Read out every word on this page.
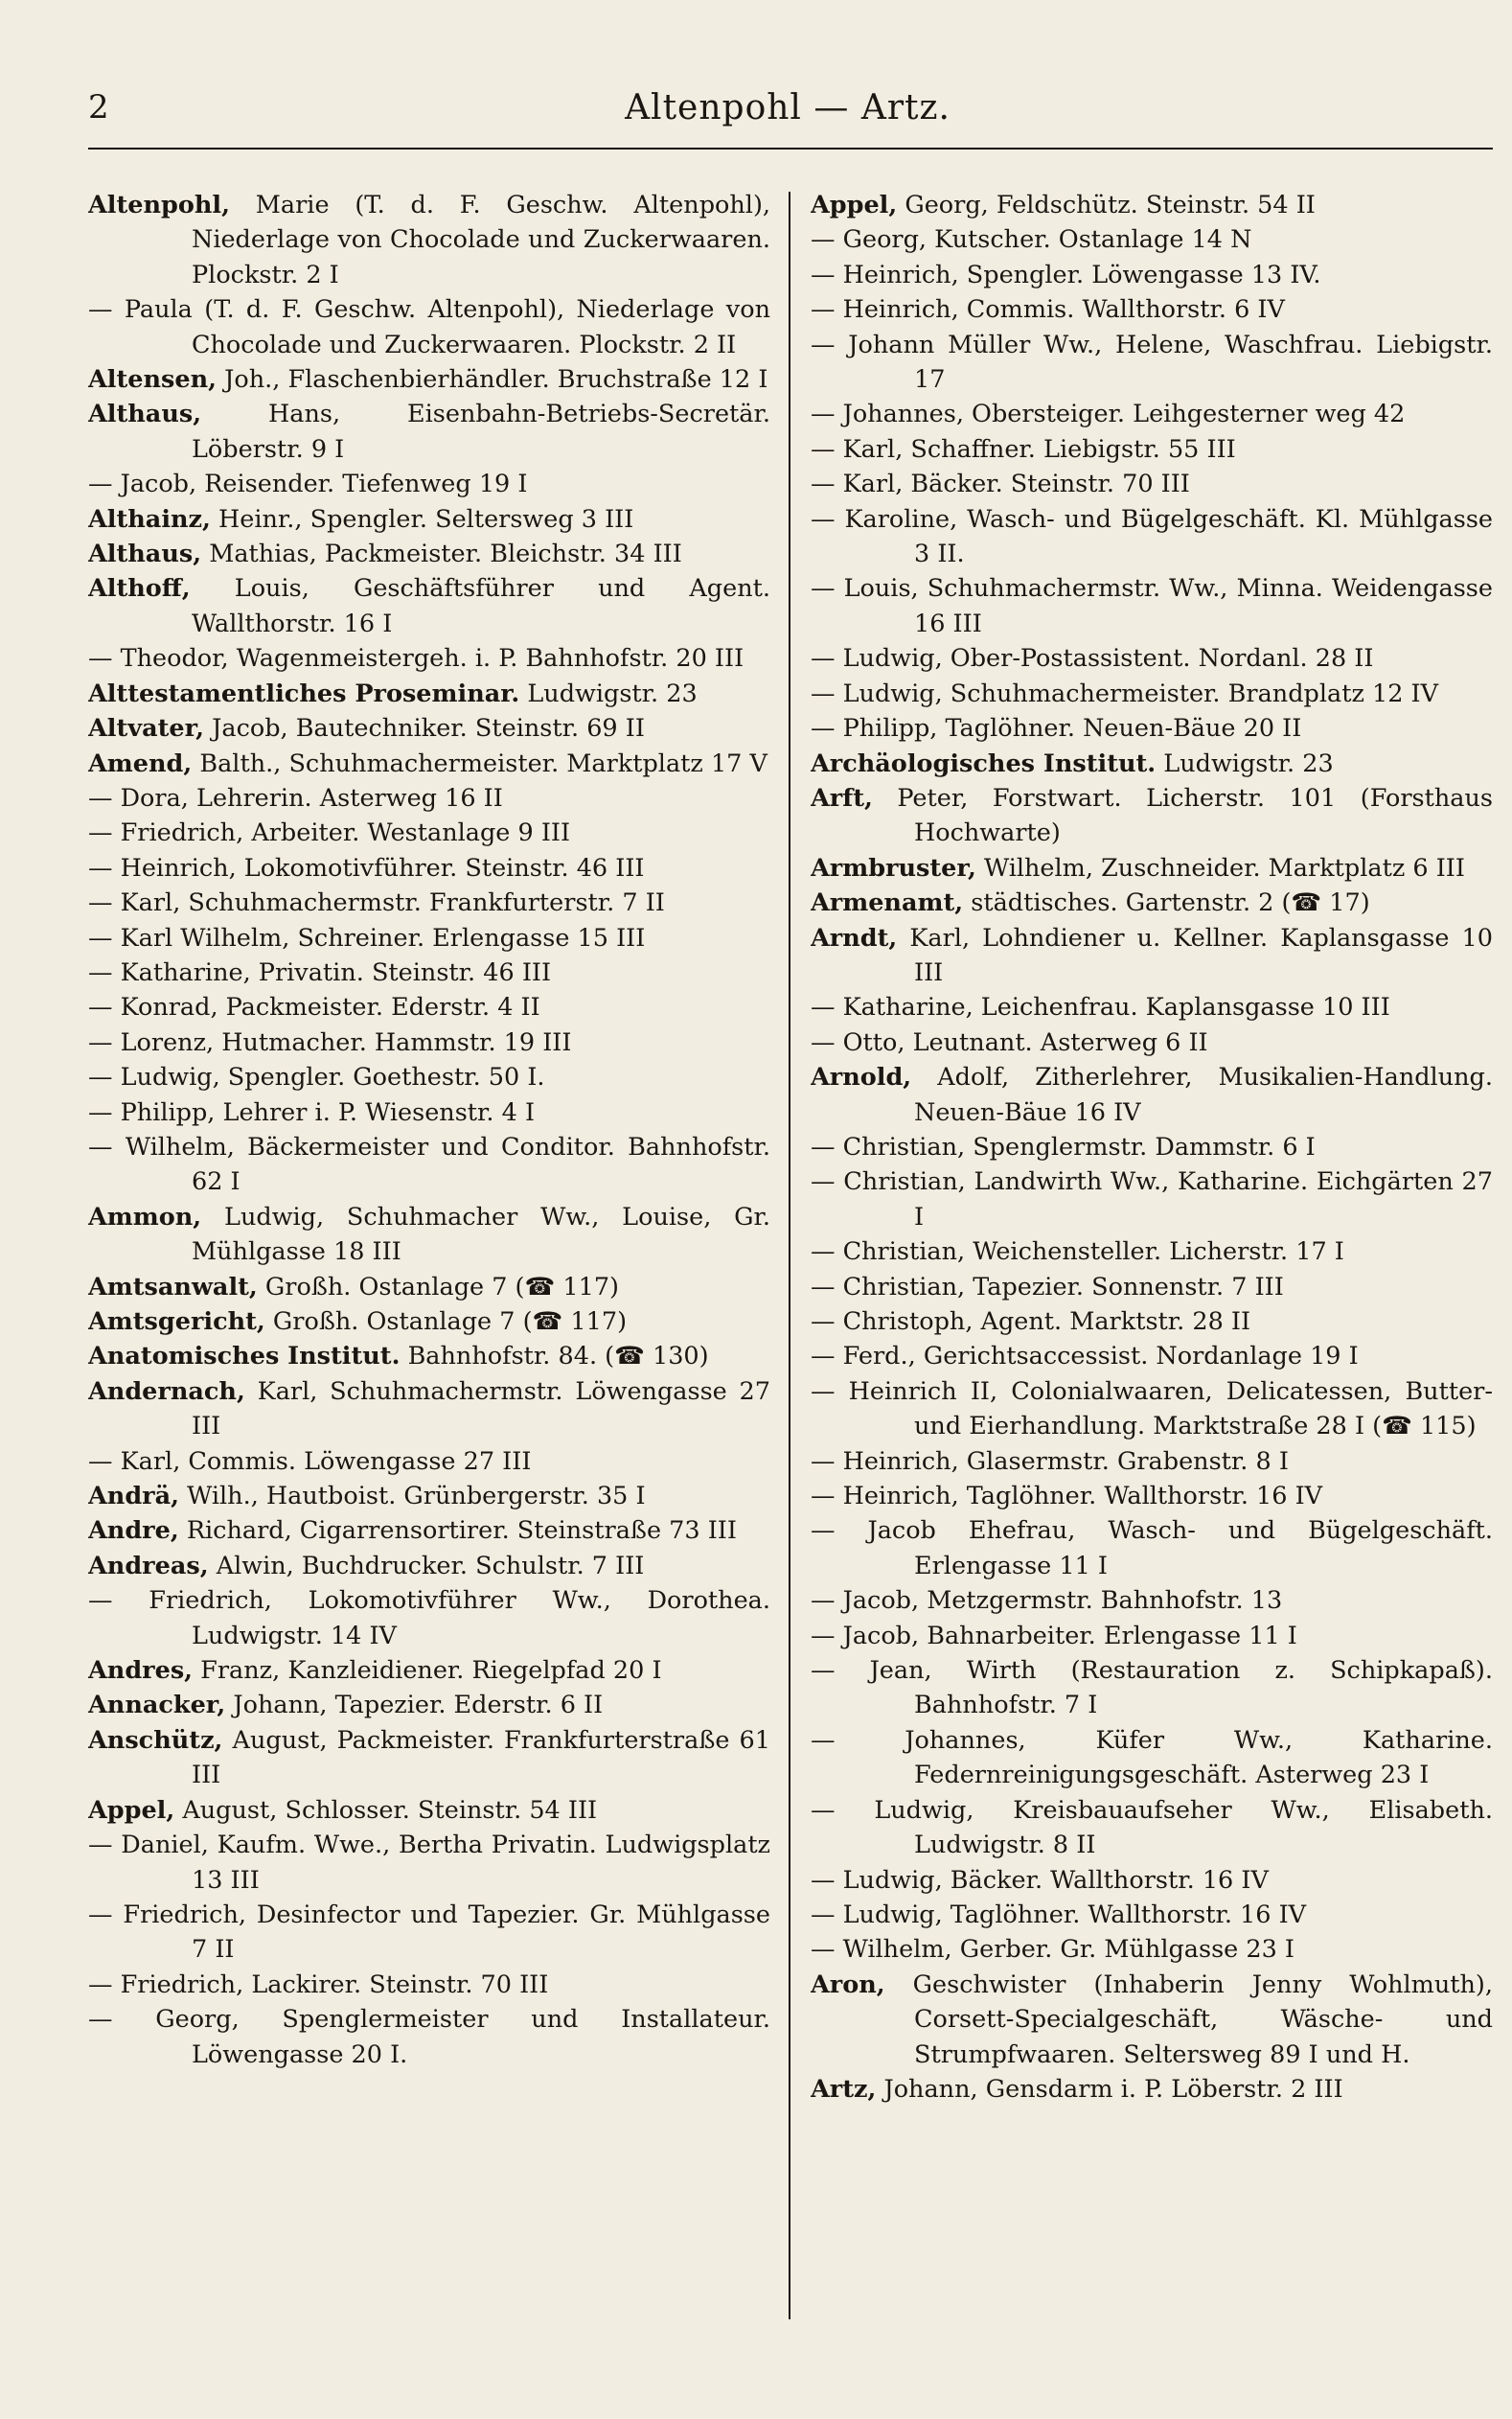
2	Altenpohl — Artz.

Altenpohl, Marie (T. d. F. Geschw. Altenpohl), Niederlage von Chocolade und Zuckerwaaren. Plockstr. 2 I

— Paula (T. d. F. Geschw. Altenpohl), Niederlage von Chocolade und Zuckerwaaren. Plockstr. 2 II

Altensen, Joh., Flaschenbierhändler. Bruchstraße 12 I

Althaus,	Hans, Eisenbahn-Betriebs-Secretär. Löberstr. 9 I

— Jacob, Reisender. Tiefenweg 19 I

Althainz, Heinr., Spengler. Seltersweg 3 III

Althaus, Mathias, Packmeister. Bleichstr. 34 III

Althoff, Louis, Geschäftsführer und Agent. Wallthorstr. 16 I

— Theodor, Wagenmeistergeh. i. P. Bahnhofstr. 20 III

Alttestamentliches Proseminar. Ludwigstr. 23

Altvater, Jacob, Bautechniker. Steinstr. 69 II

Amend, Balth., Schuhmachermeister. Marktplatz 17 V

— Dora, Lehrerin. Asterweg 16 II

— Friedrich, Arbeiter. Westanlage 9 III

— Heinrich, Lokomotivführer. Steinstr. 46 III

— Karl, Schuhmachermstr. Frankfurterstr. 7 II

— Karl Wilhelm, Schreiner. Erlengasse 15 III

— Katharine, Privatin. Steinstr. 46 III

— Konrad, Packmeister. Ederstr. 4 II

— Lorenz, Hutmacher. Hammstr. 19 III

— Ludwig, Spengler. Goethestr. 50 I.

— Philipp, Lehrer i. P. Wiesenstr. 4 I

— Wilhelm, Bäckermeister und Conditor. Bahnhofstr. 62 I

Ammon, Ludwig, Schuhmacher Ww., Louise, Gr. Mühlgasse 18 III

Amtsanwalt, Großh. Ostanlage 7 (☎ 117)

Amtsgericht, Großh. Ostanlage 7 (☎ 117)

Anatomisches Institut. Bahnhofstr. 84. (☎ 130)

Andernach, Karl, Schuhmachermstr. Löwengasse 27 III

— Karl, Commis. Löwengasse 27 III

Andrä, Wilh., Hautboist. Grünbergerstr. 35 I

Andre, Richard, Cigarrensortirer. Steinstraße 73 III

Andreas, Alwin, Buchdrucker. Schulstr. 7 III

— Friedrich, Lokomotivführer Ww., Dorothea. Ludwigstr. 14 IV

Andres, Franz, Kanzleidiener. Riegelpfad 20 I

Annacker, Johann, Tapezier. Ederstr. 6 II

Anschütz, August, Packmeister. Frankfurterstraße 61 III

Appel, August, Schlosser. Steinstr. 54 III

— Daniel, Kaufm. Wwe., Bertha Privatin. Ludwigsplatz 13 III

— Friedrich, Desinfector und Tapezier. Gr. Mühlgasse 7 II

— Friedrich, Lackirer. Steinstr. 70 III

— Georg, Spenglermeister und Installateur. Löwengasse 20 I.

Appel, Georg, Feldschütz. Steinstr. 54 II

— Georg, Kutscher. Ostanlage 14 N

— Heinrich, Spengler. Löwengasse 13 IV.

— Heinrich, Commis. Wallthorstr. 6 IV

— Johann Müller Ww., Helene, Waschfrau. Liebigstr. 17

— Johannes, Obersteiger. Leihgesterner weg 42

— Karl, Schaffner. Liebigstr. 55 III

— Karl, Bäcker. Steinstr. 70 III

— Karoline, Wasch- und Bügelgeschäft. Kl. Mühlgasse 3 II.

— Louis, Schuhmachermstr. Ww., Minna. Weidengasse 16 III

— Ludwig, Ober-Postassistent. Nordanl. 28 II

— Ludwig, Schuhmachermeister. Brandplatz 12 IV

— Philipp, Taglöhner. Neuen-Bäue 20 II

Archäologisches Institut. Ludwigstr. 23

Arft, Peter, Forstwart. Licherstr. 101 (Forsthaus Hochwarte)

Armbruster, Wilhelm, Zuschneider. Marktplatz 6 III

Armenamt, städtisches. Gartenstr. 2 (☎ 17)

Arndt, Karl, Lohndiener u. Kellner. Kaplansgasse 10 III

— Katharine, Leichenfrau. Kaplansgasse 10 III

— Otto, Leutnant. Asterweg 6 II

Arnold, Adolf, Zitherlehrer, Musikalien-Handlung. Neuen-Bäue 16 IV

— Christian, Spenglermstr. Dammstr. 6 I

— Christian, Landwirth Ww., Katharine. Eichgärten 27 I

— Christian, Weichensteller. Licherstr. 17 I

— Christian, Tapezier. Sonnenstr. 7 III

— Christoph, Agent. Marktstr. 28 II

— Ferd., Gerichtsaccessist. Nordanlage 19 I

— Heinrich II, Colonialwaaren, Delicatessen, Butter- und Eierhandlung. Marktstraße 28 I (☎ 115)

— Heinrich, Glasermstr. Grabenstr. 8 I

— Heinrich, Taglöhner. Wallthorstr. 16 IV

— Jacob Ehefrau, Wasch- und Bügelgeschäft. Erlengasse 11 I

— Jacob, Metzgermstr. Bahnhofstr. 13

— Jacob, Bahnarbeiter. Erlengasse 11 I

— Jean, Wirth (Restauration z. Schipkapaß). Bahnhofstr. 7 I

— Johannes, Küfer Ww., Katharine. Federnreinigungsgeschäft. Asterweg 23 I

— Ludwig, Kreisbauaufseher Ww., Elisabeth. Ludwigstr. 8 II

— Ludwig, Bäcker. Wallthorstr. 16 IV

— Ludwig, Taglöhner. Wallthorstr. 16 IV

— Wilhelm, Gerber. Gr. Mühlgasse 23 I

Aron, Geschwister (Inhaberin Jenny Wohlmuth), Corsett-Specialgeschäft, Wäsche- und Strumpfwaaren. Seltersweg 89 I und H.

Artz, Johann, Gensdarm i. P. Löberstr. 2 III
